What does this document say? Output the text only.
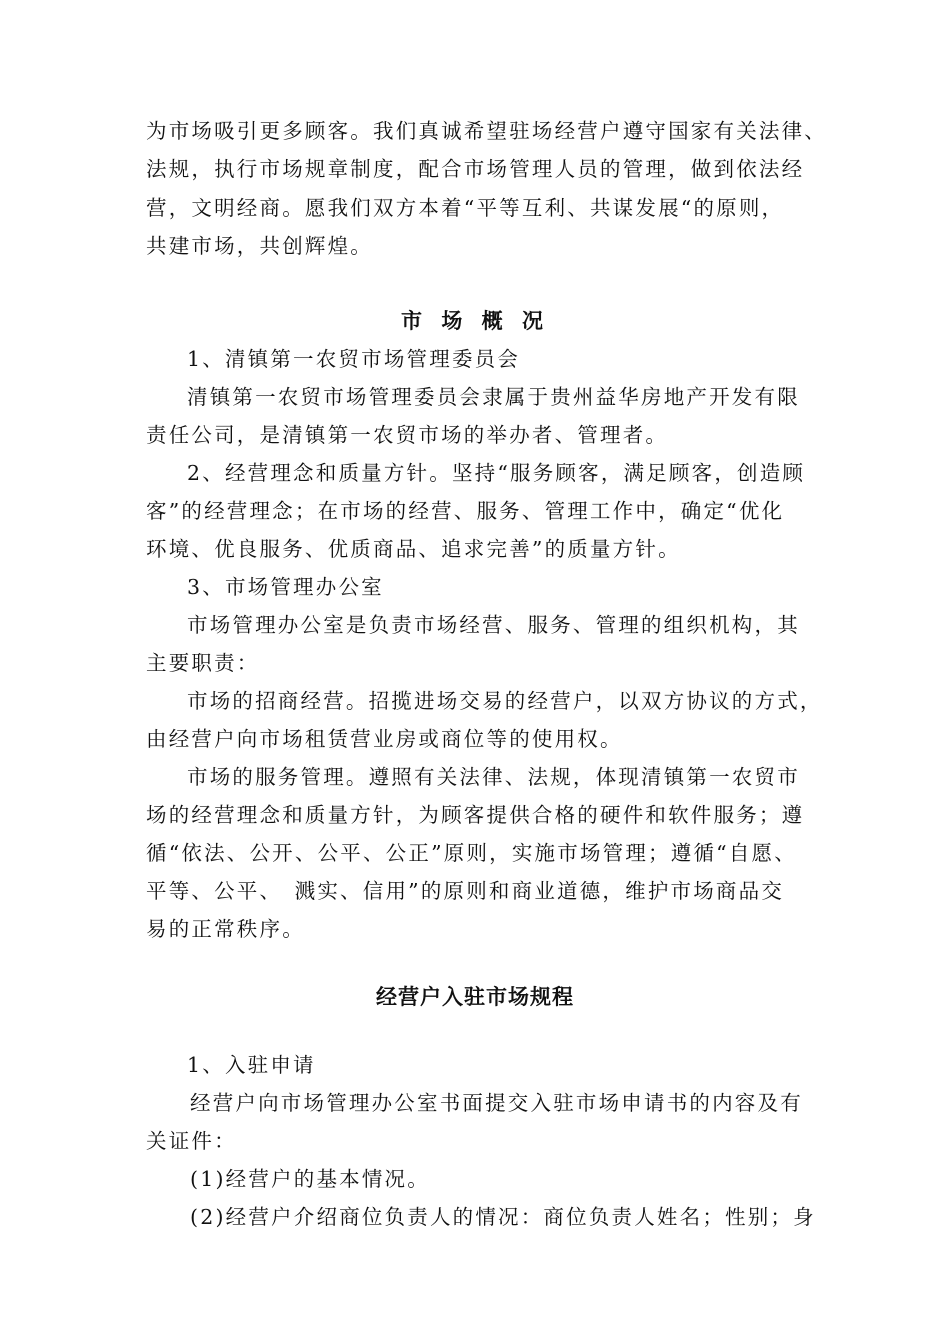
为市场吸引更多顾客。我们真诚希望驻场经营户遵守国家有关法律、
法规，执行市场规章制度，配合市场管理人员的管理，做到依法经
营，文明经商。愿我们双方本着“平等互利、共谋发展“的原则，
共建市场，共创辉煌。
市 场 概 况
1、清镇第一农贸市场管理委员会
清镇第一农贸市场管理委员会隶属于贵州益华房地产开发有限
责任公司，是清镇第一农贸市场的举办者、管理者。
2、经营理念和质量方针。坚持“服务顾客，满足顾客，创造顾
客”的经营理念；在市场的经营、服务、管理工作中，确定“优化
环境、优良服务、优质商品、追求完善”的质量方针。
3、市场管理办公室
市场管理办公室是负责市场经营、服务、管理的组织机构，其
主要职责：
市场的招商经营。招揽进场交易的经营户，以双方协议的方式，
由经营户向市场租赁营业房或商位等的使用权。
市场的服务管理。遵照有关法律、法规，体现清镇第一农贸市
场的经营理念和质量方针，为顾客提供合格的硬件和软件服务；遵
循“依法、公开、公平、公正”原则，实施市场管理；遵循“自愿、
平等、公平、　溅实、信用”的原则和商业道德，维护市场商品交
易的正常秩序。
经营户入驻市场规程
1、入驻申请
经营户向市场管理办公室书面提交入驻市场申请书的内容及有
关证件：
(1)经营户的基本情况。
(2)经营户介绍商位负责人的情况：商位负责人姓名；性别；身
